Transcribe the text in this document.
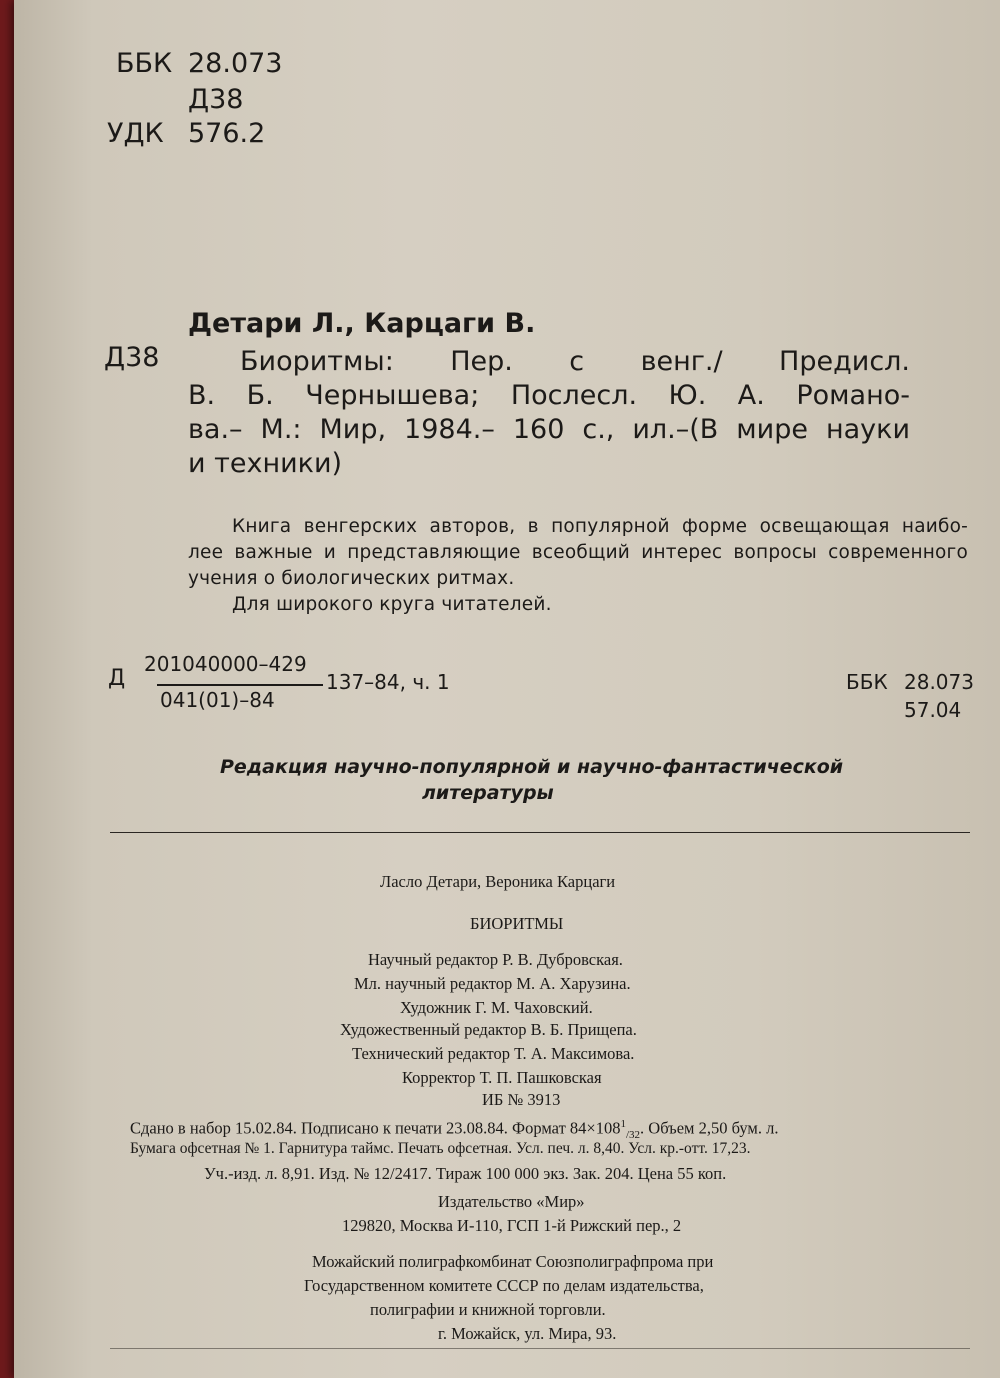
ББК 28.073
Д38
УДК 576.2
Детари Л., Карцаги В.
Д38	Биоритмы: Пер. с венг./ Предисл.
В. Б. Чернышева; Послесл. Ю. А. Романо-
ва.– М.: Мир, 1984.– 160 с., ил.–(В мире науки
и техники)
Книга венгерских авторов, в популярной форме освещающая наибо-
лее важные и представляющие всеобщий интерес вопросы современного
учения о биологических ритмах.
Для широкого круга читателей.
Д
201040000–429
041(01)–84
137–84, ч. 1	ББК 28.073
57.04
Редакция научно-популярной и научно-фантастической
литературы
Ласло Детари, Вероника Карцаги
БИОРИТМЫ
Научный редактор Р. В. Дубровская.
Мл. научный редактор М. А. Харузина.
Художник Г. М. Чаховский.
Художественный редактор В. Б. Прищепа.
Технический редактор Т. А. Максимова.
Корректор Т. П. Пашковская
ИБ № 3913
Сдано в набор 15.02.84. Подписано к печати 23.08.84. Формат $84\times 108^1_{/32}$. Объем 2,50 бум. л.
Бумага офсетная № 1. Гарнитура таймс. Печать офсетная. Усл. печ. л. 8,40. Усл. кр.-отт. 17,23.
Уч.-изд. л. 8,91. Изд. № 12/2417. Тираж 100 000 экз. Зак. 204. Цена 55 коп.
Издательство «Мир»
129820, Москва И-110, ГСП 1-й Рижский пер., 2
Можайский полиграфкомбинат Союзполиграфпрома при
Государственном комитете СССР по делам издательства,
полиграфии и книжной торговли.
г. Можайск, ул. Мира, 93.
